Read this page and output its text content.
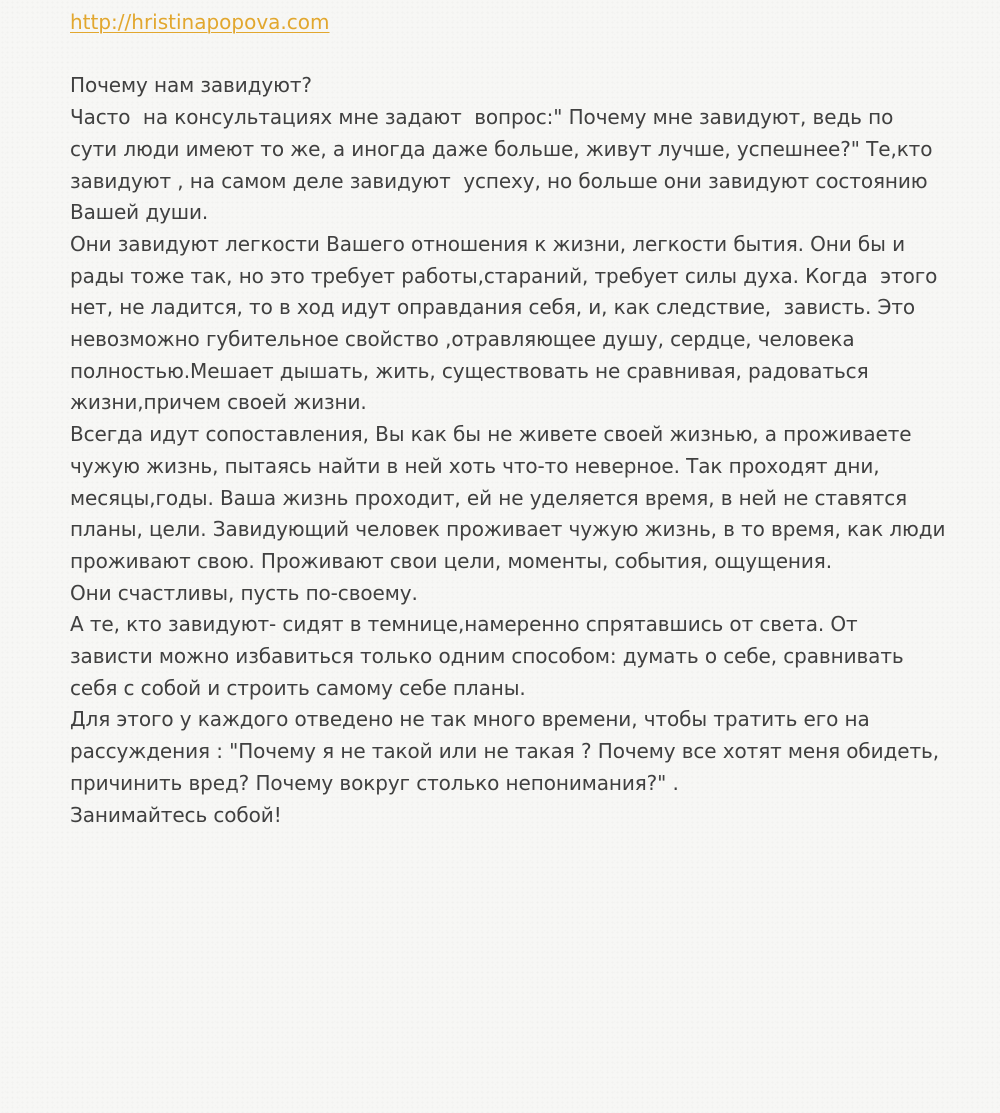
http://hristinapopova.com
Почему нам завидуют?
Часто  на консультациях мне задают  вопрос:" Почему мне завидуют, ведь по
сути люди имеют то же, а иногда даже больше, живут лучше, успешнее?" Те,кто
завидуют , на самом деле завидуют  успеху, но больше они завидуют состоянию
Вашей души.
Они завидуют легкости Вашего отношения к жизни, легкости бытия. Они бы и
рады тоже так, но это требует работы,стараний, требует силы духа. Когда  этого
нет, не ладится, то в ход идут оправдания себя, и, как следствие,  зависть. Это
невозможно губительное свойство ,отравляющее душу, сердце, человека
полностью.Мешает дышать, жить, существовать не сравнивая, радоваться
жизни,причем своей жизни.
Всегда идут сопоставления, Вы как бы не живете своей жизнью, а проживаете
чужую жизнь, пытаясь найти в ней хоть что-то неверное. Так проходят дни,
месяцы,годы. Ваша жизнь проходит, ей не уделяется время, в ней не ставятся
планы, цели. Завидующий человек проживает чужую жизнь, в то время, как люди
проживают свою. Проживают свои цели, моменты, события, ощущения.
Они счастливы, пусть по-своему.
А те, кто завидуют- сидят в темнице,намеренно спрятавшись от света. От
зависти можно избавиться только одним способом: думать о себе, сравнивать
себя с собой и строить самому себе планы.
Для этого у каждого отведено не так много времени, чтобы тратить его на
рассуждения : "Почему я не такой или не такая ? Почему все хотят меня обидеть,
причинить вред? Почему вокруг столько непонимания?" .
Занимайтесь собой!
